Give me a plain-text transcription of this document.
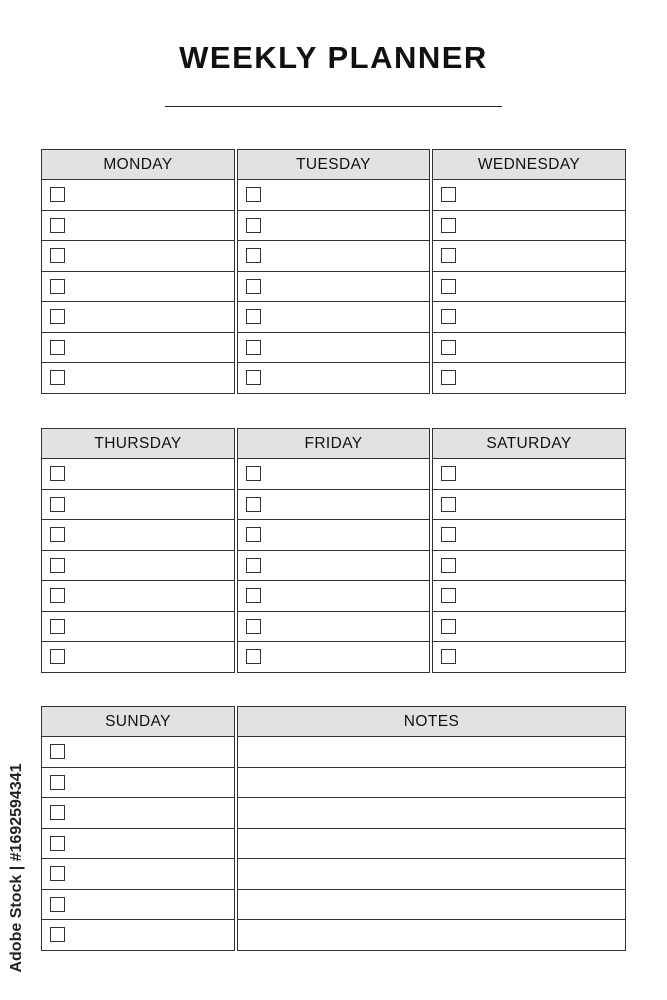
WEEKLY PLANNER
MONDAY	TUESDAY	WEDNESDAY
THURSDAY	FRIDAY	SATURDAY
SUNDAY	NOTES
Adobe Stock | #169259434​1
